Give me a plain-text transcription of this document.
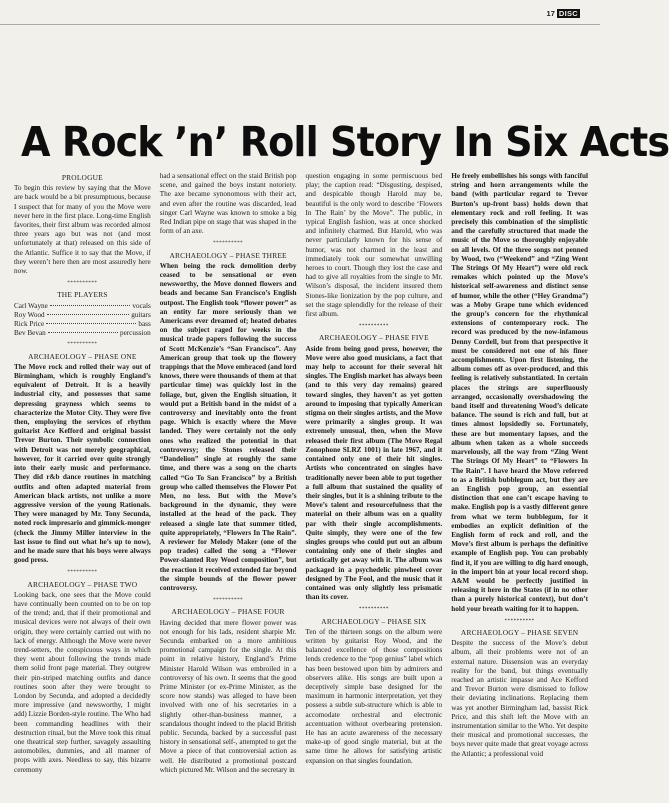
17 DISC
A Rock ’n’ Roll Story In Six Acts
PROLOGUE

To begin this review by saying that the Move are back would be a bit presumptuous, because I suspect that for many of you the Move were never here in the first place. Long-time English favorites, their first album was recorded almost three years ago but was not (and most unfortunately at that) released on this side of the Atlantic. Suffice it to say that the Move, if they weren’t here then are most assuredly here now.

**********
THE PLAYERS
Carl Wayne	vocals
Roy Wood	guitars
Rick Price	bass
Bev Bevan	percussion
**********
ARCHAEOLOGY – PHASE ONE

The Move rock and rolled their way out of Birmingham, which is roughly England’s equivalent of Detroit. It is a heavily industrial city, and possesses that same depressing grayness which seems to characterize the Motor City. They were five then, employing the services of rhythm guitarist Ace Kefford and original bassist Trevor Burton. Their symbolic connection with Detroit was not merely geographical, however, for it carried over quite strongly into their early music and performance. They did r&b dance routines in matching outfits and often adapted material from American black artists, not unlike a more aggressive version of the young Rationals. They were managed by Mr. Tony Secunda, noted rock impresario and gimmick-monger (check the Jimmy Miller interview in the last issue to find out what he’s up to now), and he made sure that his boys were always good press.

**********
ARCHAEOLOGY – PHASE TWO

Looking back, one sees that the Move could have continually been counted on to be on top of the trend; and, that if their promotional and musical devices were not always of their own origin, they were certainly carried out with no lack of energy. Although the Move were never trend-setters, the conspicuous ways in which they went about following the trends made them solid front page material. They outgrew their pin-striped matching outfits and dance routines soon after they were brought to London by Secunda, and adopted a decidedly more impressive (and newsworthy, I might add) Lizzie Borden-style routine. The Who had been commanding headlines with their destruction ritual, but the Move took this ritual one theatrical step further, savagely assaulting automobiles, dummies, and all manner of props with axes. Needless to say, this bizarre ceremony

had a sensational effect on the staid British pop scene, and gained the boys instant notoriety. The axe became synonomous with their act, and even after the routine was discarded, lead singer Carl Wayne was known to smoke a big Red Indian pipe on stage that was shaped in the form of an axe.

**********
ARCHAEOLOGY – PHASE THREE

When being the rock demolition derby ceased to be sensational or even newsworthy, the Move donned flowers and beads and became San Francisco’s English outpost. The English took “flower power” as an entity far more seriously than we Americans ever dreamed of; heated debates on the subject raged for weeks in the musical trade papers following the success of Scott McKenzie’s “San Francisco”. Any American group that took up the flowery trappings that the Move embraced (and lord knows, there were thousands of them at that particular time) was quickly lost in the foliage, but, given the English situation, it would put a British band in the midst of a controversy and inevitably onto the front page. Which is exactly where the Move landed. They were certainly not the only ones who realized the potential in that controversy; the Stones released their “Dandelion” single at roughly the same time, and there was a song on the charts called “Go To San Francisco” by a British group who called themselves the Flower Pot Men, no less. But with the Move’s background in the dynamic, they were installed at the head of the pack. They released a single late that summer titled, quite appropriately, “Flowers In The Rain”. A reviewer for Melody Maker (one of the pop trades) called the song a “Flower Power-slanted Roy Wood composition”, but the reaction it received extended far beyond the simple bounds of the flower power controversy.

**********
ARCHAEOLOGY – PHASE FOUR

Having decided that mere flower power was not enough for his lads, resident sharpie Mr. Secunda embarked on a more ambitious promotional campaign for the single. At this point in relative history, England’s Prime Minister Harold Wilson was embroiled in a controversy of his own. It seems that the good Prime Minister (or ex-Prime Minister, as the score now stands) was alleged to have been involved with one of his secretaries in a slightly other-than-business manner, a scandalous thought indeed to the placid British public. Secunda, backed by a successful past history in sensational self-, attempted to get the Move a piece of that controversial action as well. He distributed a promotional postcard which pictured Mr. Wilson and the secretary in

question engaging in some permiscuous bed play; the caption read: “Disgusting, despised, and despicable though Harold may be, beautiful is the only word to describe ‘Flowers In The Rain’ by the Move”. The public, in typical English fashion, was at once shocked and infinitely charmed. But Harold, who was never particularly known for his sense of humor, was not charmed in the least and immediately took our somewhat unwilling heroes to court. Though they lost the case and had to give all royalties from the single to Mr. Wilson’s disposal, the incident insured them Stones-like lionization by the pop culture, and set the stage splendidly for the release of their first album.

**********
ARCHAEOLOGY – PHASE FIVE

Aside from being good press, however, the Move were also good musicians, a fact that may help to account for their several hit singles. The English market has always been (and to this very day remains) geared toward singles, they haven’t as yet gotten around to imposing that typically American stigma on their singles artists, and the Move were primarily a singles group. It was extremely unusual, then, when the Move released their first album (The Move Regal Zonophone SLRZ 1001) in late 1967, and it contained only one of their hit singles. Artists who concentrated on singles have traditionally never been able to put together a full album that sustained the quality of their singles, but it is a shining tribute to the Move’s talent and resourcefulness that the material on their album was on a quality par with their single accomplishments. Quite simply, they were one of the few singles groups who could put out an album containing only one of their singles and artistically get away with it. The album was packaged in a psychedelic pinwheel cover designed by The Fool, and the music that it contained was only slightly less prismatic than its cover.

**********
ARCHAEOLOGY – PHASE SIX

Ten of the thirteen songs on the album were written by guitarist Roy Wood, and the balanced excellence of those compositions lends credence to the “pop genius” label which has been bestowed upon him by admirers and observers alike. His songs are built upon a deceptively simple base designed for the maximum in harmonic interpretation, yet they possess a subtle sub-structure which is able to accomodate orchestral and electronic accentuation without overbearing pretension. He has an acute awareness of the necessary make-up of good single material, but at the same time he allows for satisfying artistic expansion on that singles foundation.

He freely embellishes his songs with fanciful string and horn arrangements while the band (with particular regard to Trevor Burton’s up-front bass) holds down that elementary rock and roll feeling. It was precisely this combination of the simplistic and the carefully structured that made the music of the Move so thoroughly enjoyable on all levels. Of the three songs not penned by Wood, two (“Weekend” and “Zing Went The Strings Of My Heart”) were old rock remakes which pointed up the Move’s historical self-awareness and distinct sense of humor, while the other (“Hey Grandma”) was a Moby Grape tune which evidenced the group’s concern for the rhythmical extensions of contemporary rock. The record was produced by the now-infamous Denny Cordell, but from that perspective it must be considered not one of his finer accomplishments. Upon first listening, the album comes off as over-produced, and this feeling is relatively substantiated. In certain places the strings are superfluously arranged, occasionally overshadowing the band itself and threatening Wood’s delicate balance. The sound is rich and full, but at times almost lopsidedly so. Fortunately, these are but momentary lapses, and the album when taken as a whole succeeds marvelously, all the way from “Zing Went The Strings Of My Heart” to “Flowers In The Rain”. I have heard the Move referred to as a British bubblegum act, but they are an English pop group, an essential distinction that one can’t escape having to make. English pop is a vastly different genre from what we term bubblegum, for it embodies an explicit definition of the English form of rock and roll, and the Move’s first album is perhaps the definitive example of English pop. You can probably find it, if you are willing to dig hard enough, in the import bin at your local record shop. A&M would be perfectly justified in releasing it here in the States (if in no other than a purely historical context), but don’t hold your breath waiting for it to happen.

**********
ARCHAEOLOGY – PHASE SEVEN

Despite the success of the Move’s debut album, all their problems were not of an external nature. Dissension was an everyday reality for the band, but things eventually reached an artistic impasse and Ace Kefford and Trevor Burton were dismissed to follow their deviating inclinations. Replacing them was yet another Birmingham lad, bassist Rick Price, and this shift left the Move with an instrumentation similar to the Who. Yet despite their musical and promotional successes, the boys never quite made that great voyage across the Atlantic; a professional void
